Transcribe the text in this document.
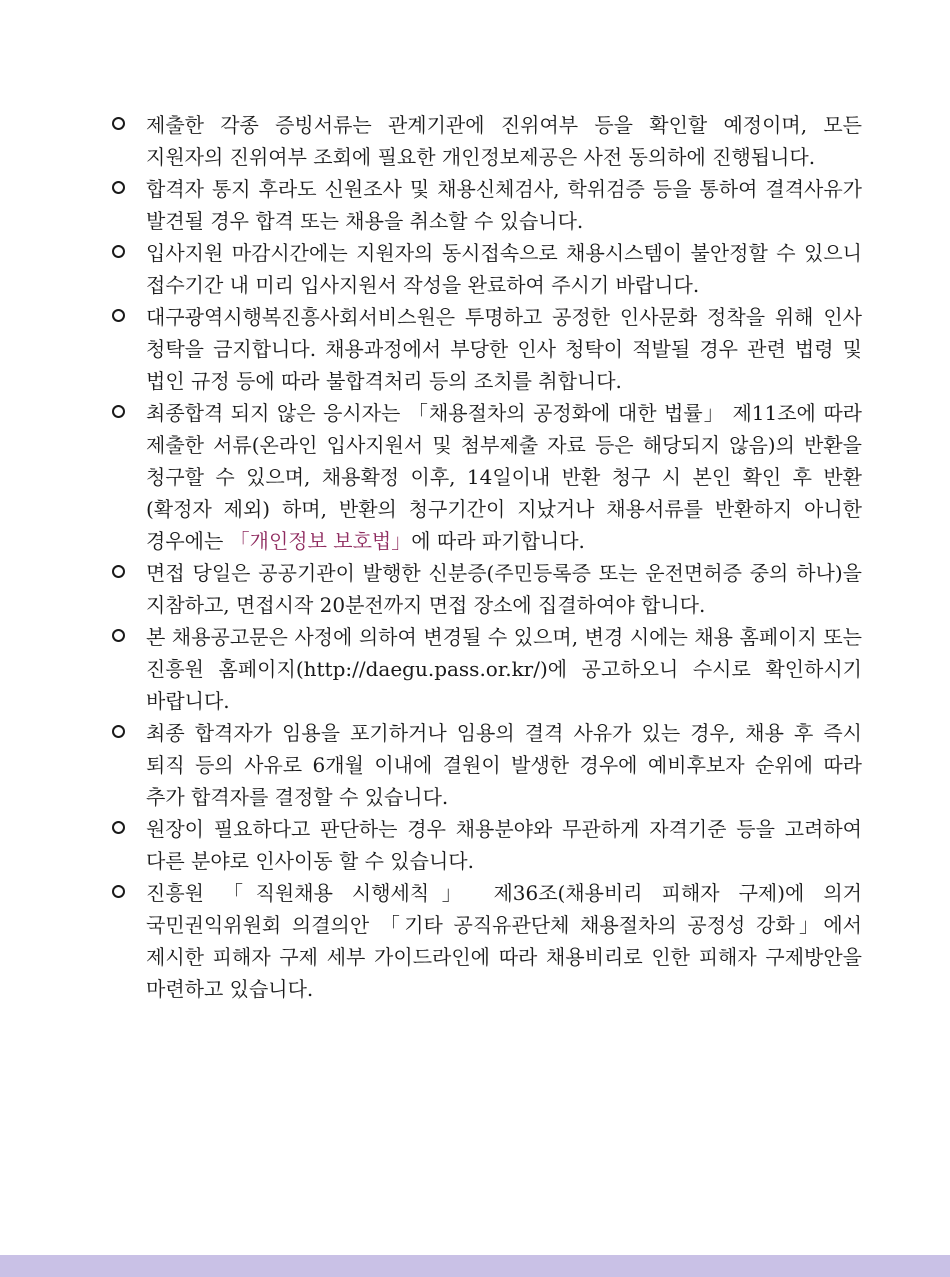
제출한 각종 증빙서류는 관계기관에 진위여부 등을 확인할 예정이며, 모든 지원자의 진위여부 조회에 필요한 개인정보제공은 사전 동의하에 진행됩니다.
합격자 통지 후라도 신원조사 및 채용신체검사, 학위검증 등을 통하여 결격사유가 발견될 경우 합격 또는 채용을 취소할 수 있습니다.
입사지원 마감시간에는 지원자의 동시접속으로 채용시스템이 불안정할 수 있으니 접수기간 내 미리 입사지원서 작성을 완료하여 주시기 바랍니다.
대구광역시행복진흥사회서비스원은 투명하고 공정한 인사문화 정착을 위해 인사 청탁을 금지합니다. 채용과정에서 부당한 인사 청탁이 적발될 경우 관련 법령 및 법인 규정 등에 따라 불합격처리 등의 조치를 취합니다.
최종합격 되지 않은 응시자는 「채용절차의 공정화에 대한 법률」 제11조에 따라 제출한 서류(온라인 입사지원서 및 첨부제출 자료 등은 해당되지 않음)의 반환을 청구할 수 있으며, 채용확정 이후, 14일이내 반환 청구 시 본인 확인 후 반환(확정자 제외) 하며, 반환의 청구기간이 지났거나 채용서류를 반환하지 아니한 경우에는 「개인정보 보호법」에 따라 파기합니다.
면접 당일은 공공기관이 발행한 신분증(주민등록증 또는 운전면허증 중의 하나)을 지참하고, 면접시작 20분전까지 면접 장소에 집결하여야 합니다.
본 채용공고문은 사정에 의하여 변경될 수 있으며, 변경 시에는 채용 홈페이지 또는 진흥원 홈페이지(http://daegu.pass.or.kr/)에 공고하오니 수시로 확인하시기 바랍니다.
최종 합격자가 임용을 포기하거나 임용의 결격 사유가 있는 경우, 채용 후 즉시 퇴직 등의 사유로 6개월 이내에 결원이 발생한 경우에 예비후보자 순위에 따라 추가 합격자를 결정할 수 있습니다.
원장이 필요하다고 판단하는 경우 채용분야와 무관하게 자격기준 등을 고려하여 다른 분야로 인사이동 할 수 있습니다.
진흥원 「직원채용 시행세칙」 제36조(채용비리 피해자 구제)에 의거 국민권익위원회 의결의안 「기타 공직유관단체 채용절차의 공정성 강화」에서 제시한 피해자 구제 세부 가이드라인에 따라 채용비리로 인한 피해자 구제방안을 마련하고 있습니다.
